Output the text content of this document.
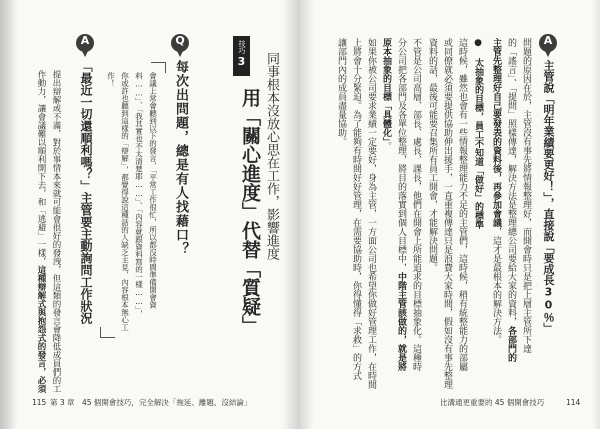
A
主管說「明年業績要更好！」，直接說「要成長30％」
問題的原因在於，主管沒有事先將情報整理好，而開會時只是把上層主管所下達
的「謠言」、「提問」照樣傳達，解決方法是整理總公司要給大家的資料，各部門的
主管先整理好自己要發表的資料後，再參加會議，這才是最根本的解決方法。
● 太抽象的目標，員工不知道「做好」的標準
這時候，雖然也會有一些情報整理能力不足的主管們，這時候，稍有統整能力的部屬
或同僚就必須要提供協助伸出援手，一直重複傳達只是浪費大家時間，假如沒有事先整理
資料的話，最後可能要召集所有員工開會，才能解決問題。
不管是公司高層、部長、處長、課長，他們在開會上所能追求的目標抽象化。這種時
分公司把各部門及各單位整理，將目的落實到個人目標中，中階主管該做的，就是將
原本抽象的目標「具體化」。
如果你被公司要求業績一定要好，身為主管，一方面公司也希望你做好管理工作，在時間
上將會十分緊迫。為了能夠有時間好好管理，在需要協助時，你得懂得「求救」的方式
讓部門內的成員盡量協助。
比溝通更重要的 45 個開會技巧	114
同事根本沒放心思在工作，影響進度
技巧
3
用「關心進度」代替「質疑」
Q
每次出問題，總是有人找藉口？
會議上常會聽到以下的發言，「平常工作很忙，所以都沒時間準備開會資
料……」、「我其實也不太清楚耶……」、「內容就跟資料寫的一樣……」，
你或許也聽到這樣的「辯解」，都覺得說這種話的人缺乏主見，內容根本無心工
作！
A
「最近一切還順利嗎？」主管要主動詢問工作狀況
提出辯解或不滿，對於事情本來就可能會很好的發洩，但這類的發言會降低成員們的工
作動力，讓會議難以順利開下去，和「逃避」一樣，這種辯解式與抱怨式的發言，必須
115 第 3 章 45 個開會技巧，完全解決「拖延、離題、沒結論」
